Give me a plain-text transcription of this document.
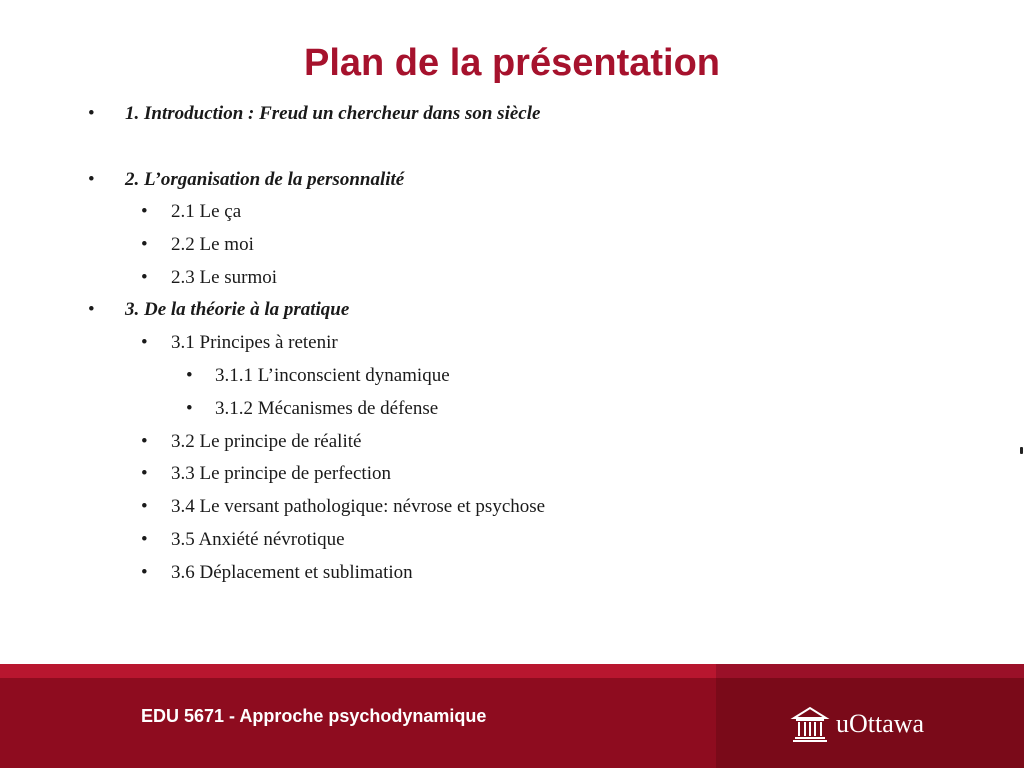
Plan de la présentation
• 1. Introduction : Freud un chercheur dans son siècle
• 2. L’organisation de la personnalité
• 2.1 Le ça
• 2.2 Le moi
• 2.3 Le surmoi
• 3. De la théorie à la pratique
• 3.1 Principes à retenir
• 3.1.1 L’inconscient dynamique
• 3.1.2 Mécanismes de défense
• 3.2 Le principe de réalité
• 3.3 Le principe de perfection
• 3.4 Le versant pathologique: névrose et psychose
• 3.5 Anxiété névrotique
• 3.6 Déplacement et sublimation
EDU 5671 - Approche psychodynamique	uOttawa
